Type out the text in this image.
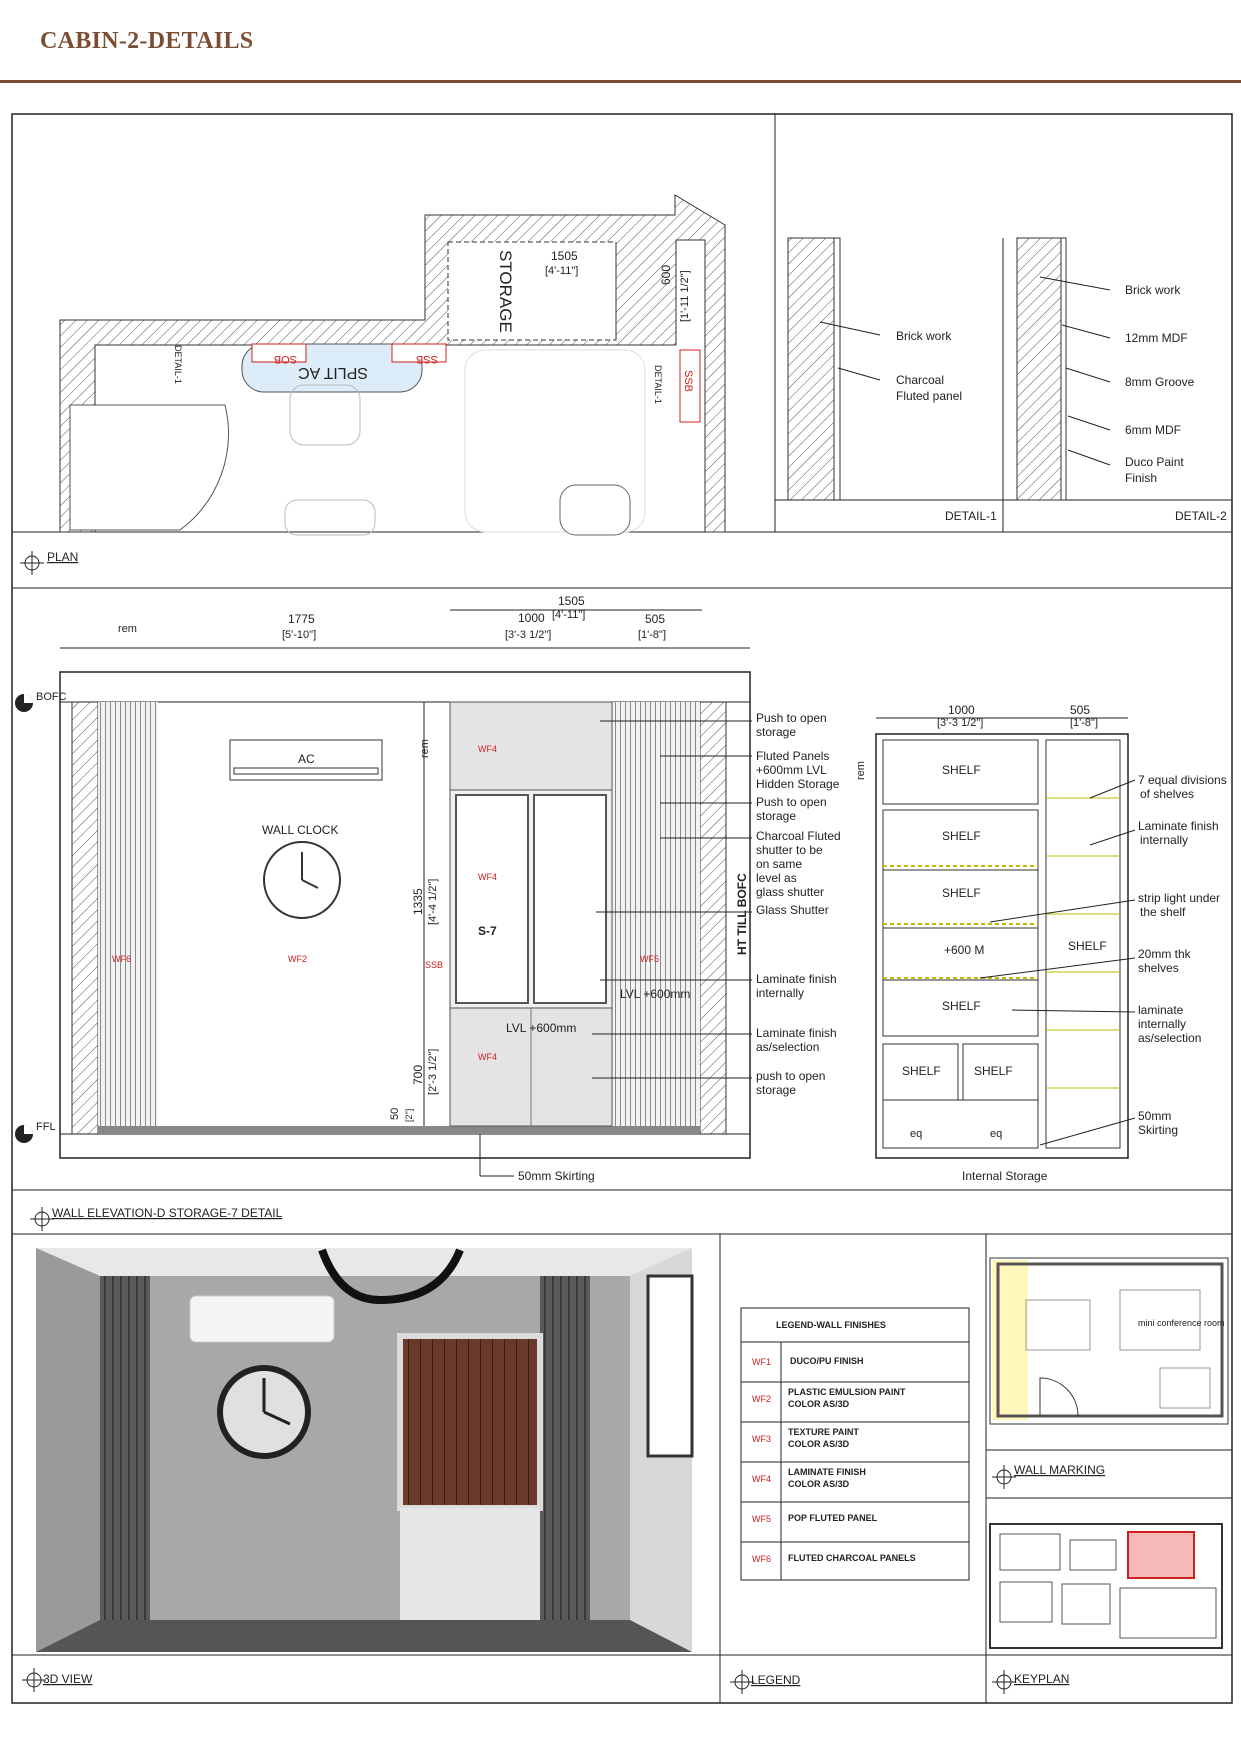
CABIN-2-DETAILS
1505
[4'-11"]
STORAGE	600 [1'-11 1/2"]
SPLIT AC
SOB	SSB
SSB
DETAIL-1
DETAIL-1
PLAN
Brick work
Charcoal
Fluted panel
DETAIL-1
Brick work
12mm MDF
8mm Groove
6mm MDF
Duco Paint
Finish
DETAIL-2
AC
WALL CLOCK
S-7
LVL +600mm
LVL +600mm
WF4
WF4
WF4
WF6	WF2
SSB
WF5
rem
1775
[5'-10"]
1505
[4'-11"]
1000
[3'-3 1/2"]
505
[1'-8"]
1335 [4'-4 1/2"]
700 [2'-3 1/2"]
50 [2"]
rem
HT TILL BOFC
BOFC
FFL
50mm Skirting
Push to open
storage
Fluted Panels
+600mm LVL
Hidden Storage
Push to open
storage
Charcoal Fluted
shutter to be
on same
level as
glass shutter
Glass Shutter
Laminate finish
internally
Laminate finish
as/selection
push to open
storage
1000
[3'-3 1/2"]
505
[1'-8"]
SHELF
SHELF
SHELF
+600 M
SHELF
SHELF	SHELF
SHELF
eq	eq
rem
Internal Storage
7 equal divisions
of shelves
Laminate finish
internally
strip light under
the shelf
20mm thk
shelves
laminate
internally
as/selection
50mm
Skirting
WALL ELEVATION-D STORAGE-7 DETAIL
3D VIEW
LEGEND-WALL FINISHES
WF1 DUCO/PU FINISH
WF2
PLASTIC EMULSION PAINT
COLOR AS/3D
WF3
TEXTURE PAINT
COLOR AS/3D
WF4
LAMINATE FINISH
COLOR AS/3D
WF5 POP FLUTED PANEL
WF6 FLUTED CHARCOAL PANELS
LEGEND
mini conference room
WALL MARKING
KEYPLAN
